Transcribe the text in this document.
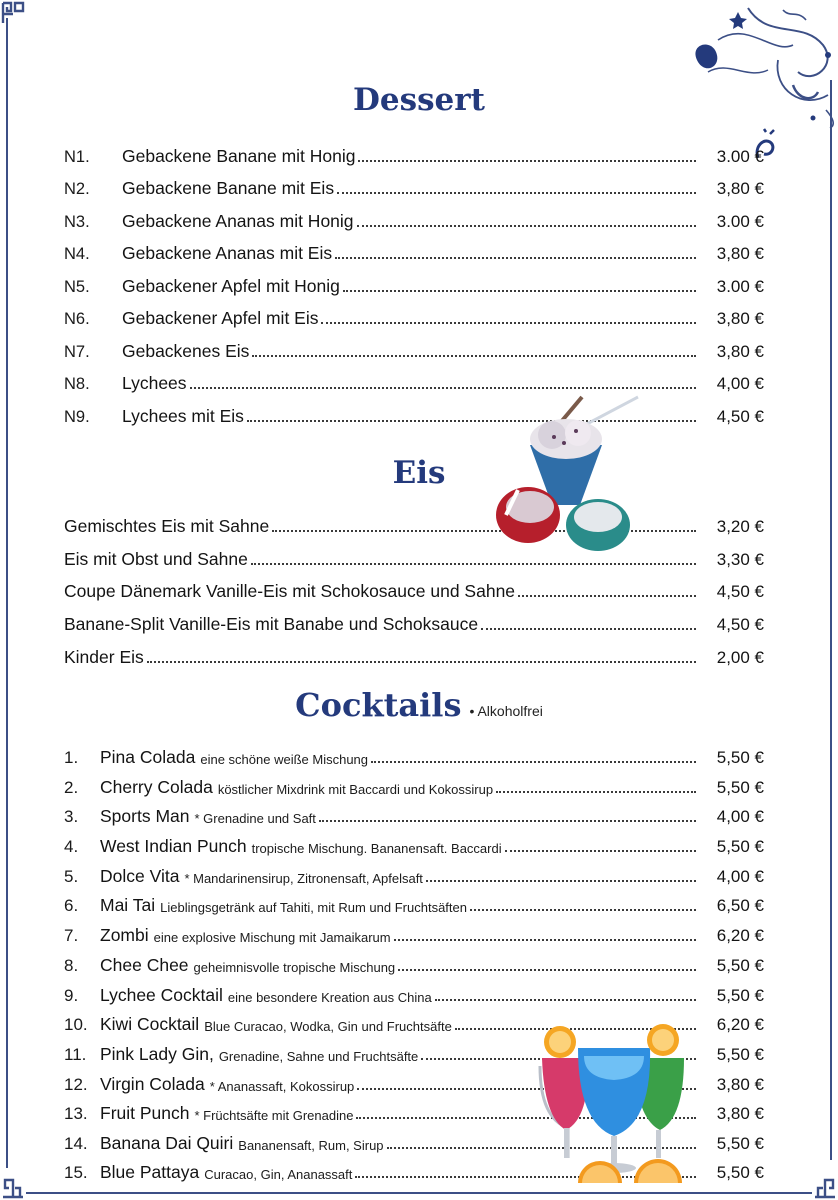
Dessert
N1.	Gebackene Banane mit Honig	3.00 €
N2.	Gebackene Banane mit Eis	3,80 €
N3.	Gebackene Ananas mit Honig	3.00 €
N4.	Gebackene Ananas mit Eis	3,80 €
N5.	Gebackener Apfel mit Honig	3.00 €
N6.	Gebackener Apfel mit Eis	3,80 €
N7.	Gebackenes Eis	3,80 €
N8.	Lychees	4,00 €
N9.	Lychees mit Eis	4,50 €
Eis
Gemischtes Eis mit Sahne	3,20 €
Eis mit Obst und Sahne	3,30 €
Coupe Dänemark Vanille-Eis mit Schokosauce und Sahne	4,50 €
Banane-Split Vanille-Eis mit Banabe und Schoksauce	4,50 €
Kinder Eis	2,00 €
Cocktails • Alkoholfrei
1.	Pina Colada eine schöne weiße Mischung	5,50 €
2.	Cherry Colada köstlicher Mixdrink mit Baccardi und Kokossirup	5,50 €
3.	Sports Man * Grenadine und Saft	4,00 €
4.	West Indian Punch tropische Mischung. Bananensaft. Baccardi	5,50 €
5.	Dolce Vita * Mandarinensirup, Zitronensaft, Apfelsaft	4,00 €
6.	Mai Tai Lieblingsgetränk auf Tahiti, mit Rum und Fruchtsäften	6,50 €
7.	Zombi eine explosive Mischung mit Jamaikarum	6,20 €
8.	Chee Chee geheimnisvolle tropische Mischung	5,50 €
9.	Lychee Cocktail eine besondere Kreation aus China	5,50 €
10. Kiwi Cocktail Blue Curacao, Wodka, Gin und Fruchtsäfte	6,20 €
11. Pink Lady Gin, Grenadine, Sahne und Fruchtsäfte	5,50 €
12. Virgin Colada * Ananassaft, Kokossirup	3,80 €
13. Fruit Punch * Früchtsäfte mit Grenadine	3,80 €
14. Banana Dai Quiri Bananensaft, Rum, Sirup	5,50 €
15. Blue Pattaya Curacao, Gin, Ananassaft	5,50 €
